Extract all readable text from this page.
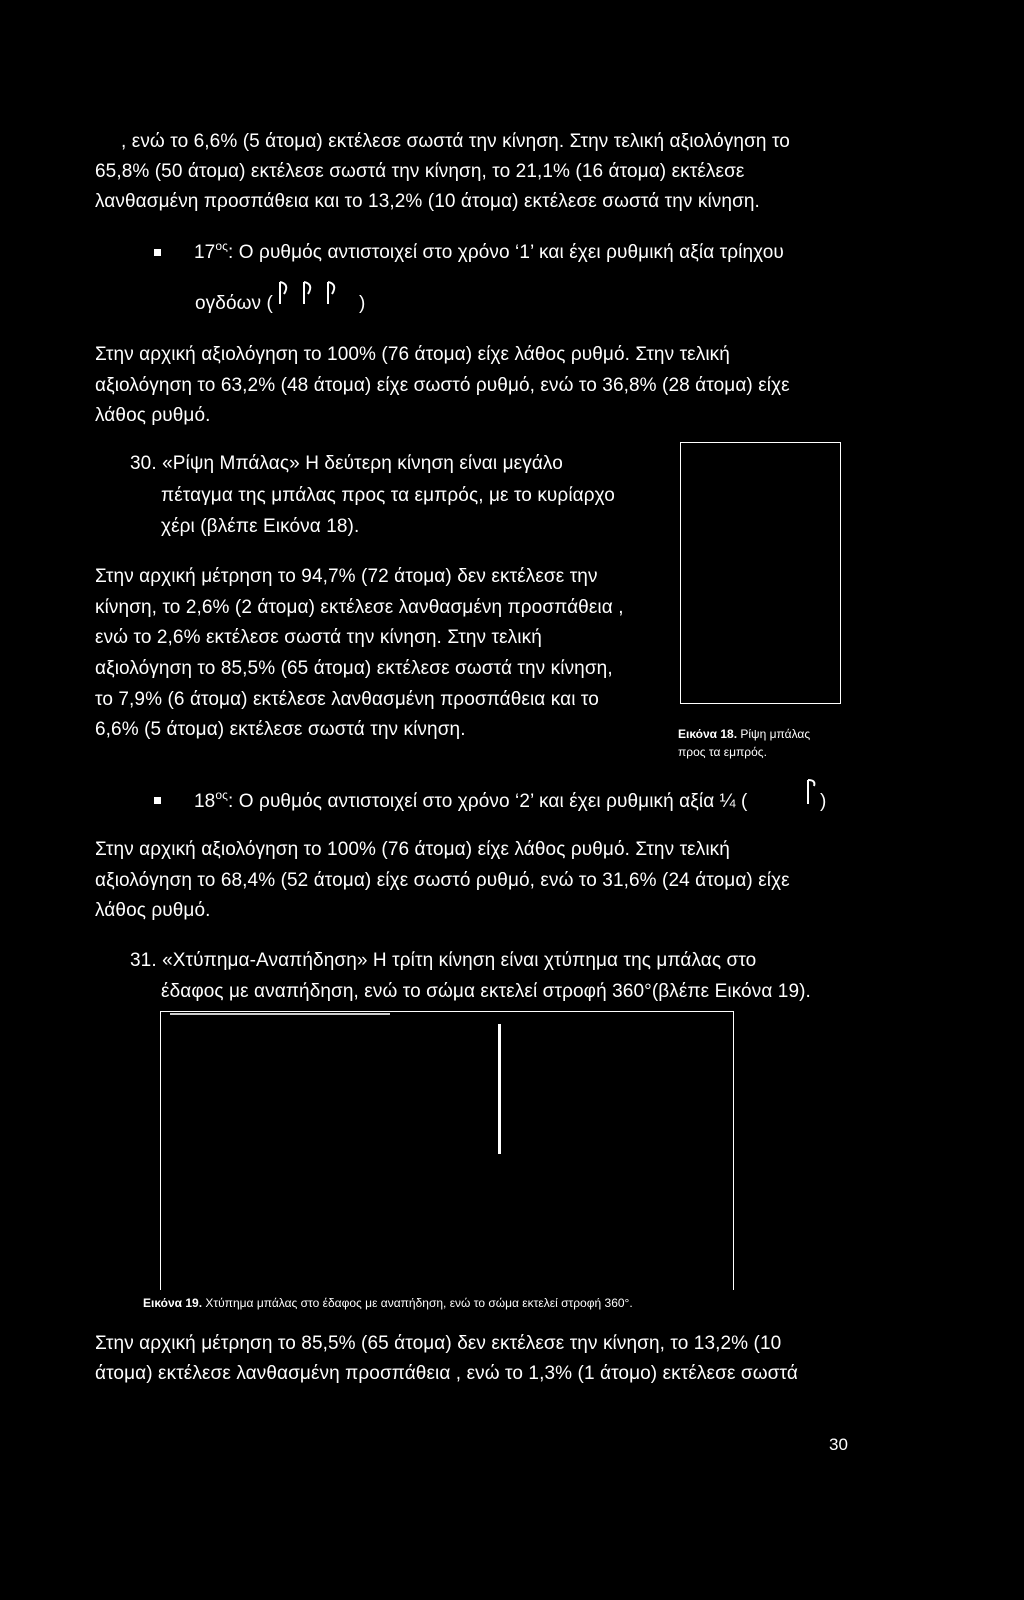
, ενώ το 6,6% (5 άτομα) εκτέλεσε σωστά την κίνηση. Στην τελική αξιολόγηση το
65,8% (50 άτομα) εκτέλεσε σωστά την κίνηση, το 21,1% (16 άτομα) εκτέλεσε
λανθασμένη προσπάθεια και το 13,2% (10 άτομα) εκτέλεσε σωστά την κίνηση.
$17^{o\varsigma}$: Ο ρυθμός αντιστοιχεί στο χρόνο ‘1’ και έχει ρυθμική αξία τρίηχου
ογδόων (	)
Στην αρχική αξιολόγηση το 100% (76 άτομα) είχε λάθος ρυθμό. Στην τελική
αξιολόγηση το 63,2% (48 άτομα) είχε σωστό ρυθμό, ενώ το 36,8% (28 άτομα) είχε
λάθος ρυθμό.
30. «Ρίψη Μπάλας» Η δεύτερη κίνηση είναι μεγάλο
πέταγμα της μπάλας προς τα εμπρός, με το κυρίαρχο
χέρι (βλέπε Εικόνα 18).
Στην αρχική μέτρηση το 94,7% (72 άτομα) δεν εκτέλεσε την
κίνηση, το 2,6% (2 άτομα) εκτέλεσε λανθασμένη προσπάθεια ,
ενώ το 2,6% εκτέλεσε σωστά την κίνηση. Στην τελική
αξιολόγηση το 85,5% (65 άτομα) εκτέλεσε σωστά την κίνηση,
το 7,9% (6 άτομα) εκτέλεσε λανθασμένη προσπάθεια και το
6,6% (5 άτομα) εκτέλεσε σωστά την κίνηση.	Εικόνα 18. Ρίψη μπάλας
προς τα εμπρός.
$18^{o\varsigma}$: Ο ρυθμός αντιστοιχεί στο χρόνο ‘2’ και έχει ρυθμική αξία ¼ (	)
Στην αρχική αξιολόγηση το 100% (76 άτομα) είχε λάθος ρυθμό. Στην τελική
αξιολόγηση το 68,4% (52 άτομα) είχε σωστό ρυθμό, ενώ το 31,6% (24 άτομα) είχε
λάθος ρυθμό.
31. «Χτύπημα-Αναπήδηση» Η τρίτη κίνηση είναι χτύπημα της μπάλας στο
έδαφος με αναπήδηση, ενώ το σώμα εκτελεί στροφή 360°(βλέπε Εικόνα 19).
Εικόνα 19. Χτύπημα μπάλας στο έδαφος με αναπήδηση, ενώ το σώμα εκτελεί στροφή 360°.
Στην αρχική μέτρηση το 85,5% (65 άτομα) δεν εκτέλεσε την κίνηση, το 13,2% (10
άτομα) εκτέλεσε λανθασμένη προσπάθεια , ενώ το 1,3% (1 άτομο) εκτέλεσε σωστά
30
